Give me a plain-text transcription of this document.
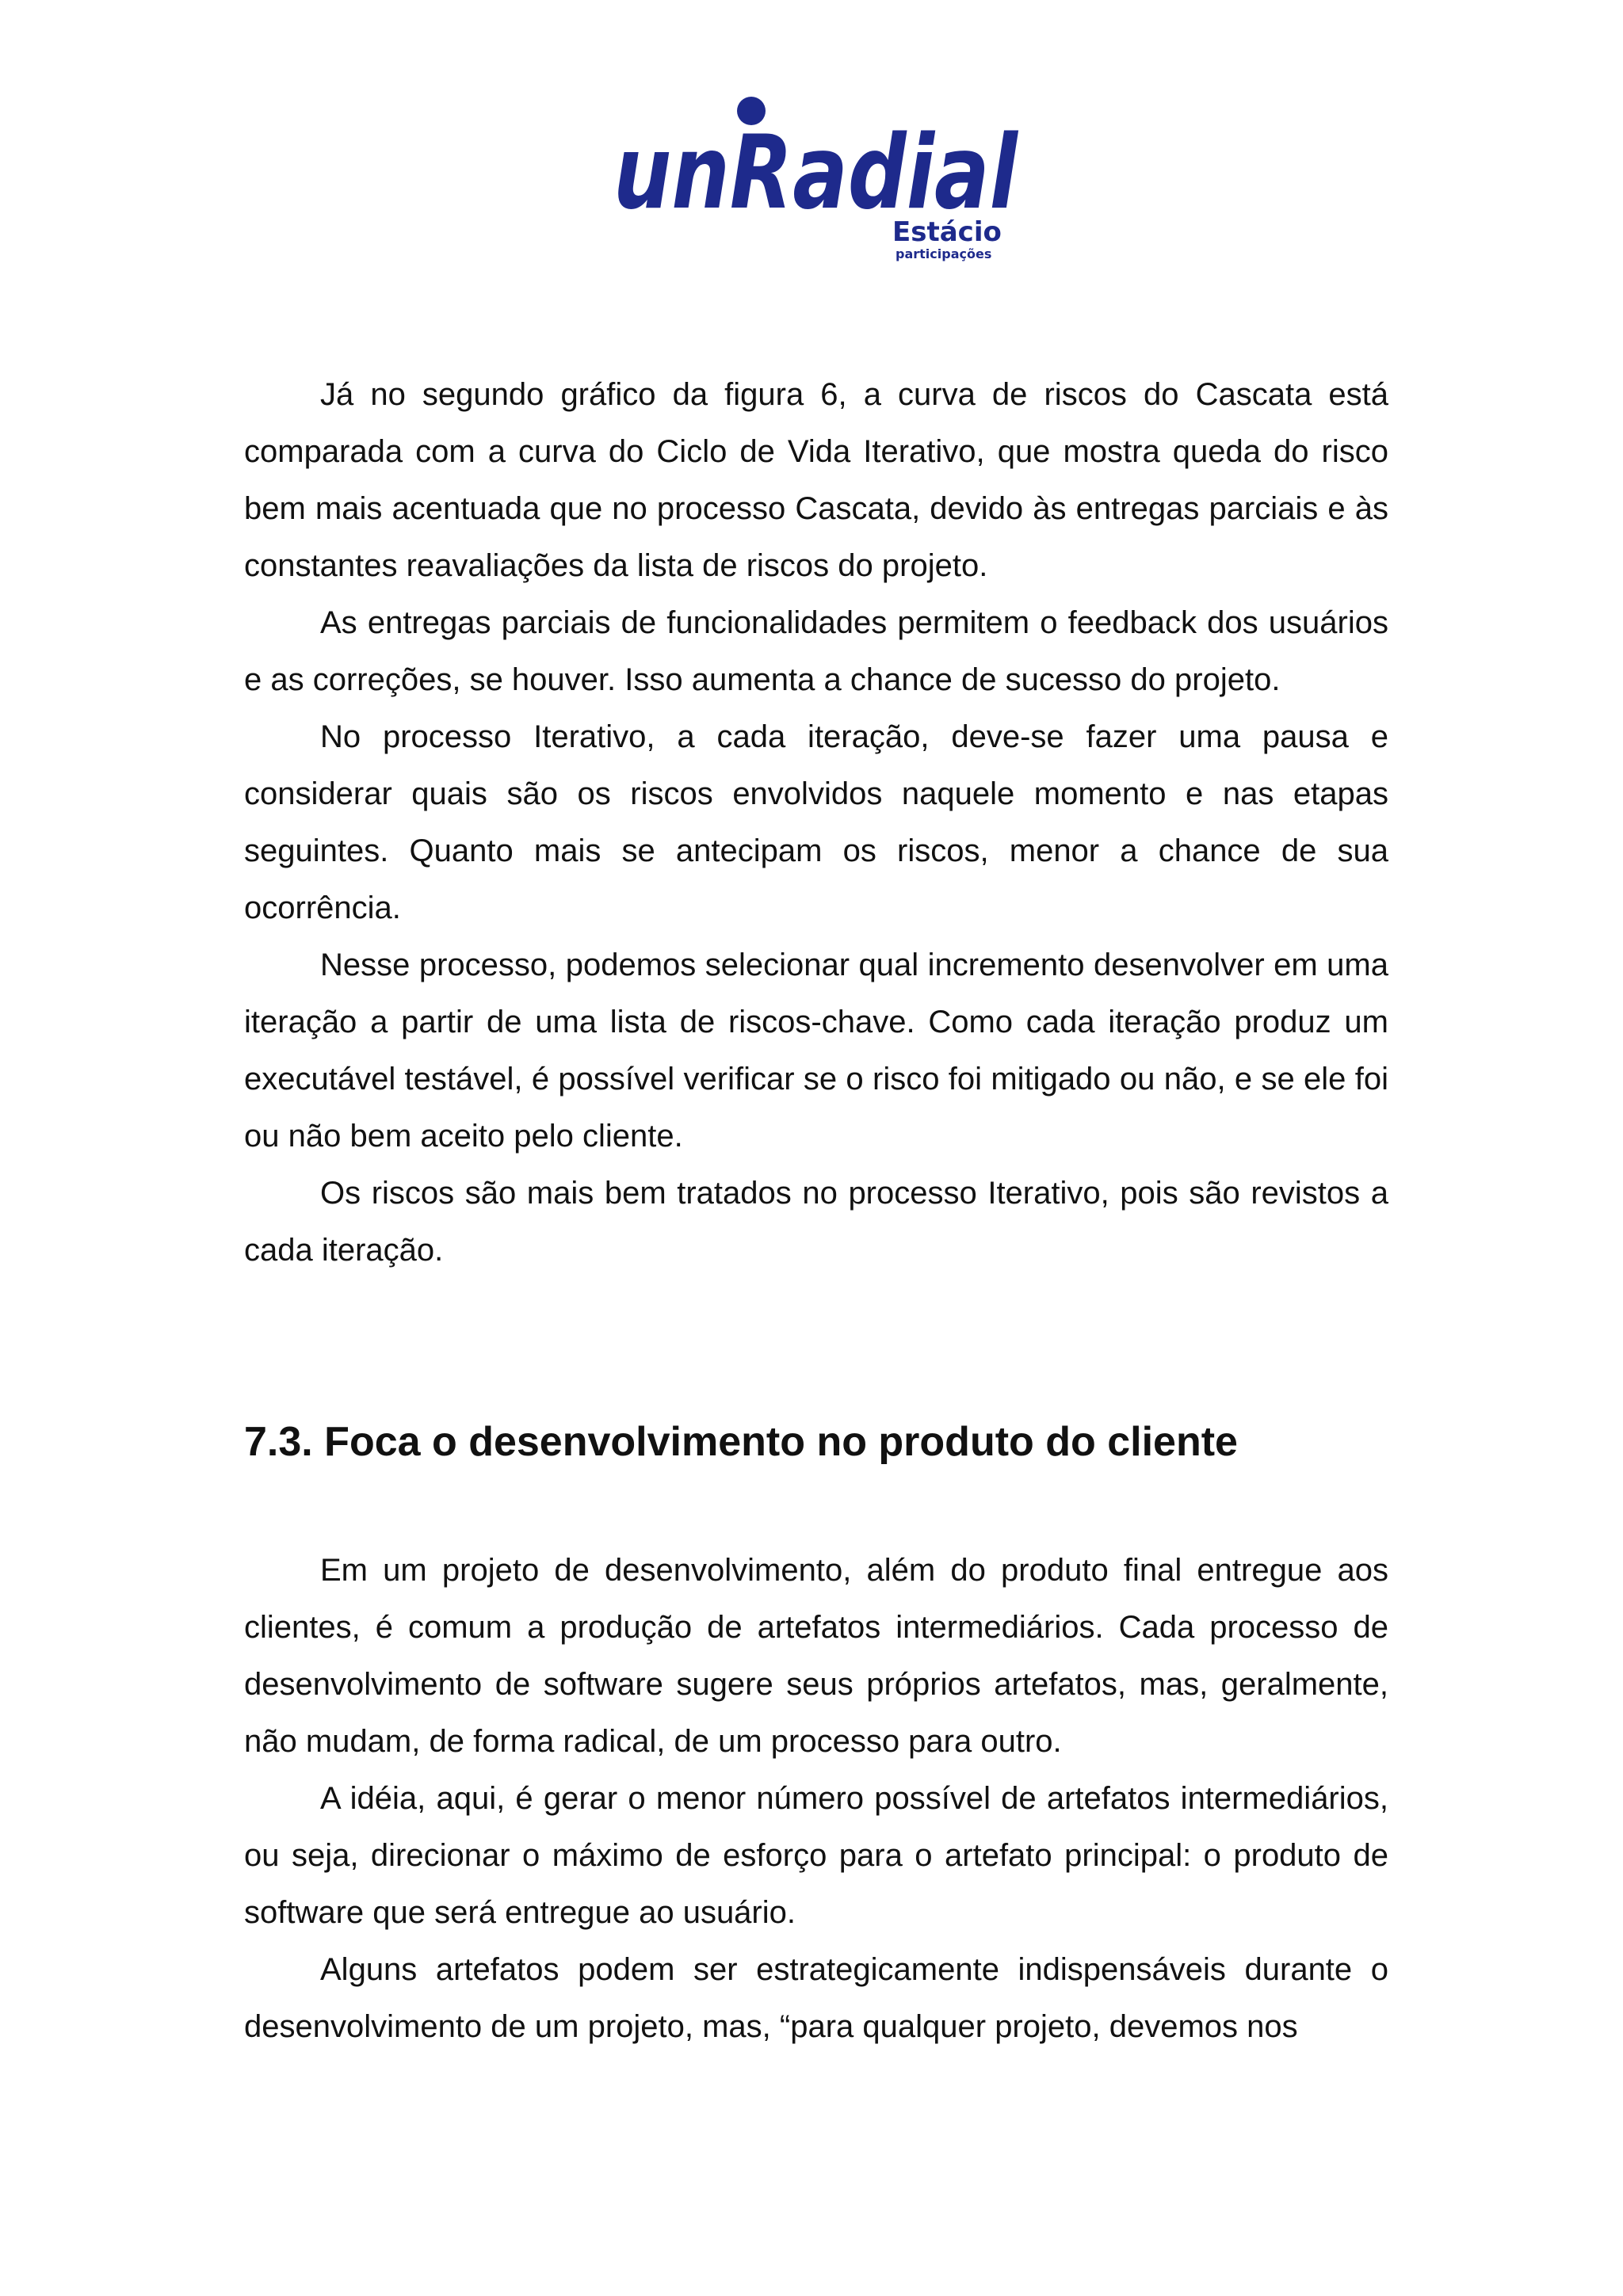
unRadial
Estácio
participações

Já no segundo gráfico da figura 6, a curva de riscos do Cascata está comparada com a curva do Ciclo de Vida Iterativo, que mostra queda do risco bem mais acentuada que no processo Cascata, devido às entregas parciais e às constantes reavaliações da lista de riscos do projeto.

As entregas parciais de funcionalidades permitem o feedback dos usuários e as correções, se houver. Isso aumenta a chance de sucesso do projeto.

No processo Iterativo, a cada iteração, deve-se fazer uma pausa e considerar quais são os riscos envolvidos naquele momento e nas etapas seguintes. Quanto mais se antecipam os riscos, menor a chance de sua ocorrência.

Nesse processo, podemos selecionar qual incremento desenvolver em uma iteração a partir de uma lista de riscos-chave. Como cada iteração produz um executável testável, é possível verificar se o risco foi mitigado ou não, e se ele foi ou não bem aceito pelo cliente.

Os riscos são mais bem tratados no processo Iterativo, pois são revistos a cada iteração.

7.3. Foca o desenvolvimento no produto do cliente

Em um projeto de desenvolvimento, além do produto final entregue aos clientes, é comum a produção de artefatos intermediários. Cada processo de desenvolvimento de software sugere seus próprios artefatos, mas, geralmente, não mudam, de forma radical, de um processo para outro.

A idéia, aqui, é gerar o menor número possível de artefatos intermediários, ou seja, direcionar o máximo de esforço para o artefato principal: o produto de software que será entregue ao usuário.

Alguns artefatos podem ser estrategicamente indispensáveis durante o desenvolvimento de um projeto, mas, “para qualquer projeto, devemos nos
